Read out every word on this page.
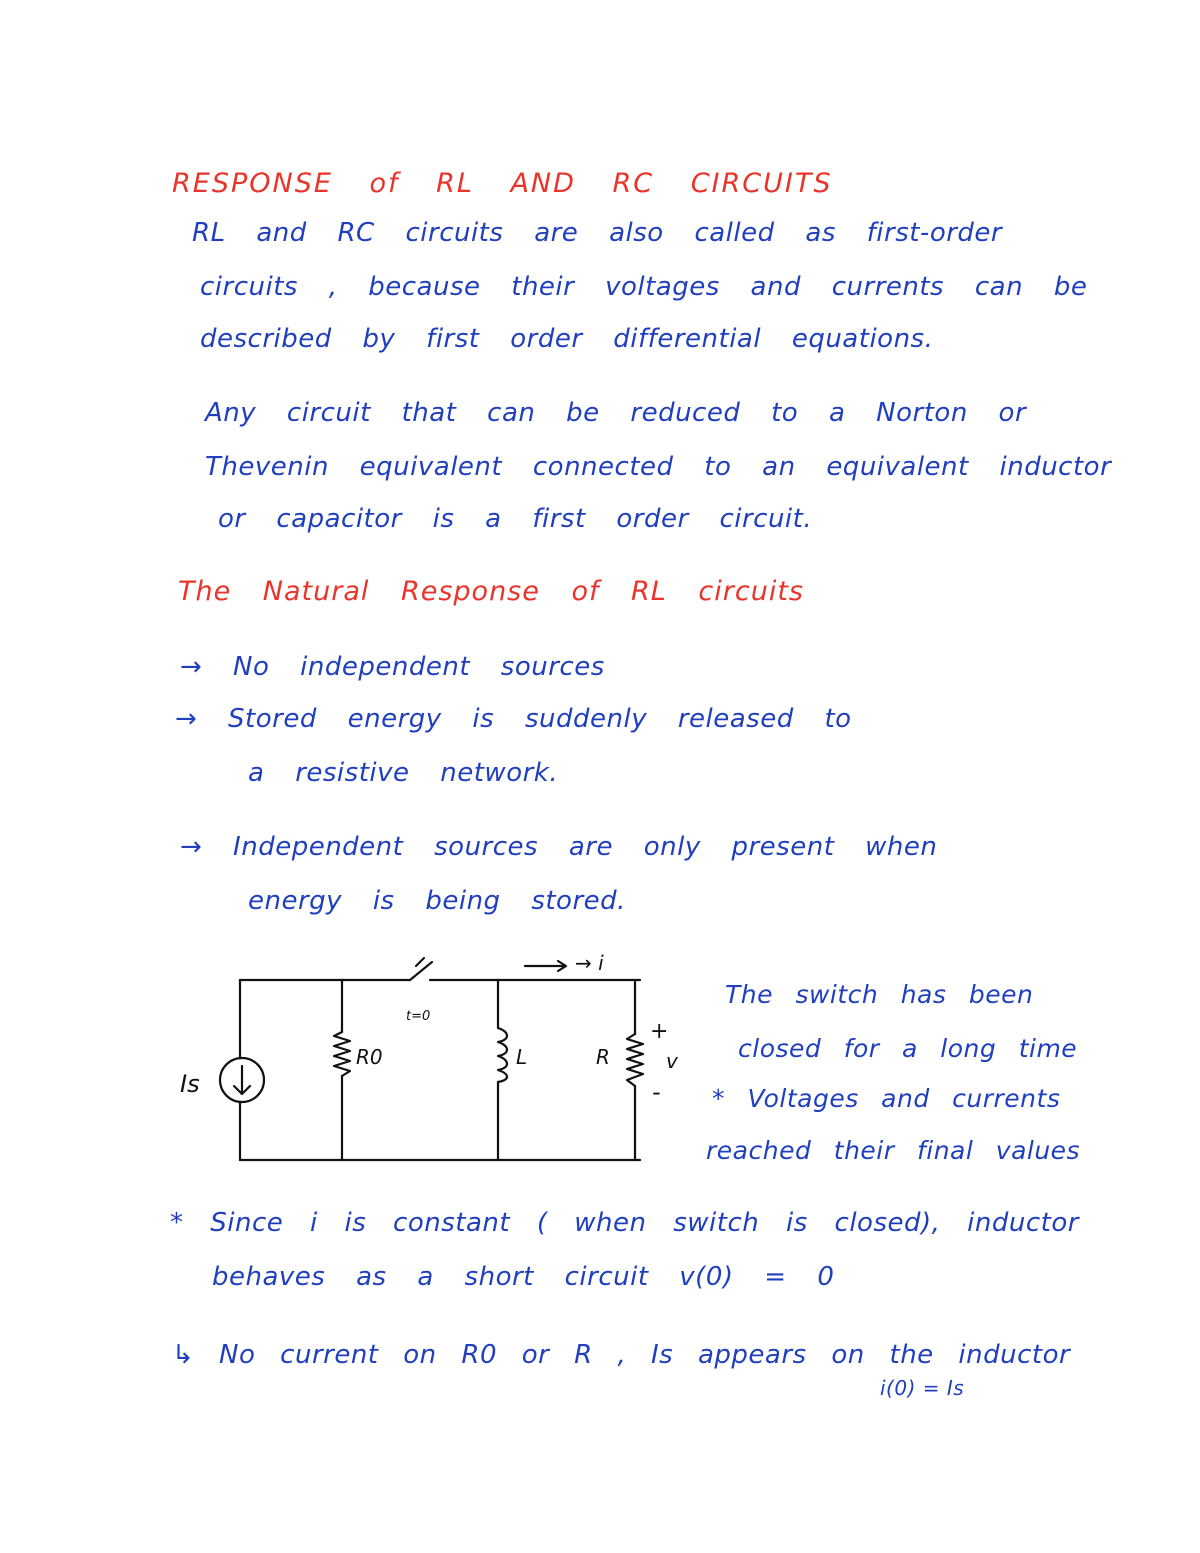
RESPONSE of RL AND RC CIRCUITS
RL and RC circuits are also called as first-order
circuits , because their voltages and currents can be
described by first order differential equations.
Any circuit that can be reduced to a Norton or
Thevenin equivalent connected to an equivalent inductor
or capacitor is a first order circuit.
The Natural Response of RL circuits
→ No independent sources
→ Stored energy is suddenly released to
a resistive network.
→ Independent sources are only present when
energy is being stored.
Is
R0	L	R
+
v
-
→ i
t=0
The switch has been
closed for a long time
* Voltages and currents
reached their final values
* Since i is constant ( when switch is closed), inductor
behaves as a short circuit v(0) = 0
↳ No current on R0 or R , Is appears on the inductor
i(0) = Is
